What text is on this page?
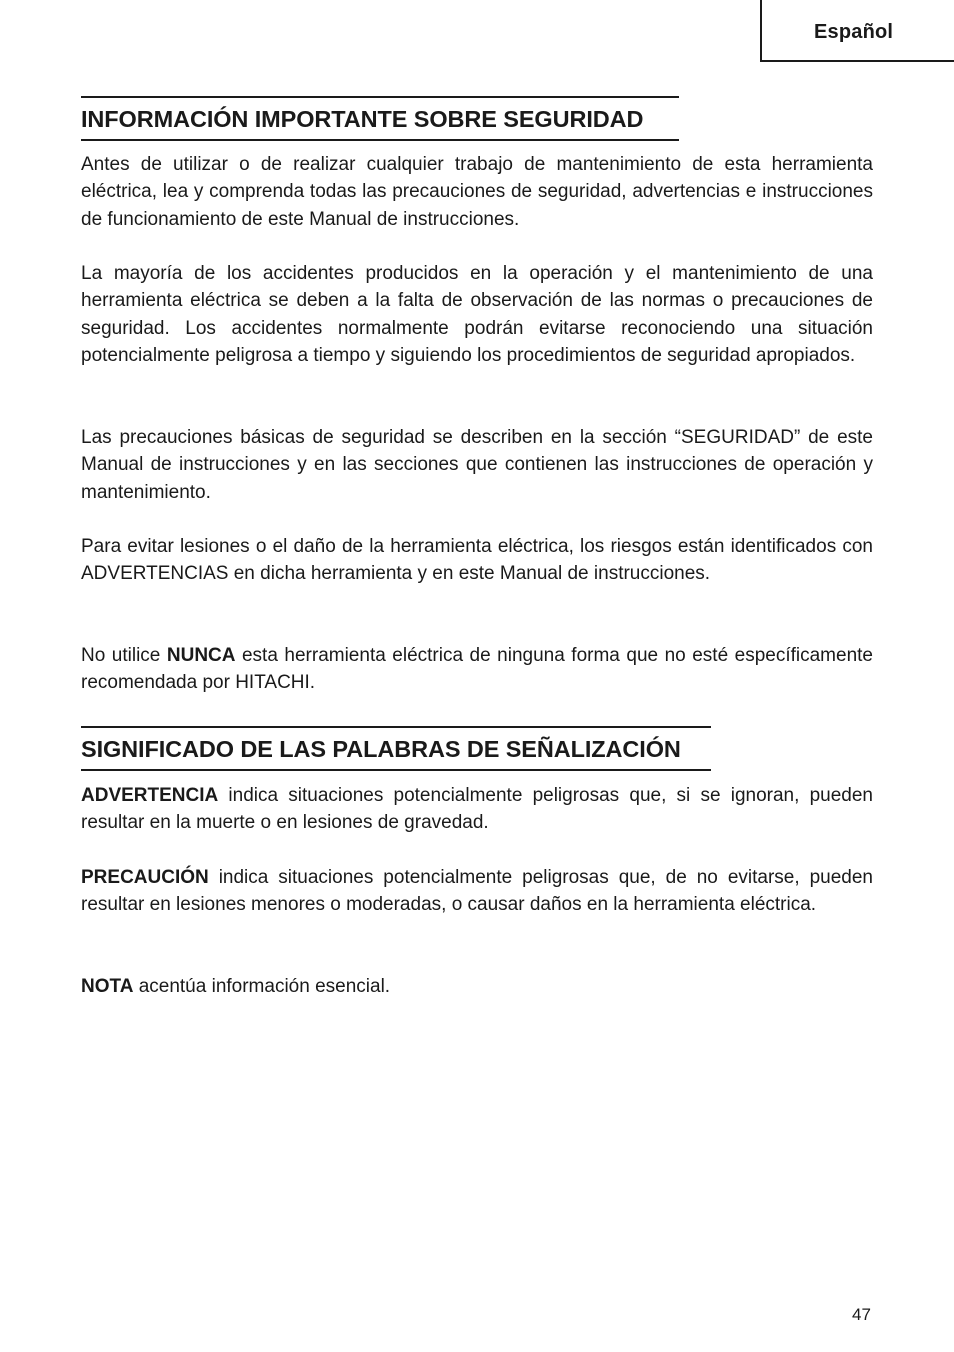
Español
INFORMACIÓN IMPORTANTE SOBRE SEGURIDAD

Antes de utilizar o de realizar cualquier trabajo de mantenimiento de esta herramienta eléctrica, lea y comprenda todas las precauciones de seguridad, advertencias e instrucciones de funcionamiento de este Manual de instrucciones.

La mayoría de los accidentes producidos en la operación y el mantenimiento de una herramienta eléctrica se deben a la falta de observación de las normas o precauciones de seguridad. Los accidentes normalmente podrán evitarse reconociendo una situación potencialmente peligrosa a tiempo y siguiendo los procedimientos de seguridad apropiados.

Las precauciones básicas de seguridad se describen en la sección “SEGURIDAD” de este Manual de instrucciones y en las secciones que contienen las instrucciones de operación y mantenimiento.

Para evitar lesiones o el daño de la herramienta eléctrica, los riesgos están identificados con ADVERTENCIAS en dicha herramienta y en este Manual de instrucciones.

No utilice NUNCA esta herramienta eléctrica de ninguna forma que no esté específicamente recomendada por HITACHI.

SIGNIFICADO DE LAS PALABRAS DE SEÑALIZACIÓN

ADVERTENCIA indica situaciones potencialmente peligrosas que, si se ignoran, pueden resultar en la muerte o en lesiones de gravedad.

PRECAUCIÓN indica situaciones potencialmente peligrosas que, de no evitarse, pueden resultar en lesiones menores o moderadas, o causar daños en la herramienta eléctrica.

NOTA acentúa información esencial.

47
